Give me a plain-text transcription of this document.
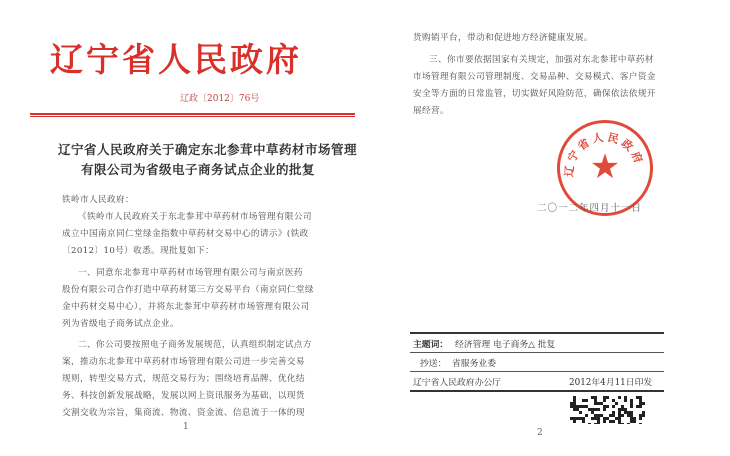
辽宁省人民政府
辽政〔2012〕76号
辽宁省人民政府关于确定东北参茸中草药材市场管理
有限公司为省级电子商务试点企业的批复
铁岭市人民政府：
《铁岭市人民政府关于东北参茸中草药材市场管理有限公司
成立中国南京同仁堂绿金指数中草药材交易中心的请示》(铁政
〔2012〕10号）收悉。现批复如下：
一、同意东北参茸中草药材市场管理有限公司与南京医药
股份有限公司合作打造中草药材第三方交易平台（南京同仁堂绿
金中药材交易中心），并将东北参茸中草药材市场管理有限公司
列为省级电子商务试点企业。
二、你公司要按照电子商务发展规范，认真组织制定试点方
案，推动东北参茸中草药材市场管理有限公司进一步完善交易
规则，转型交易方式，规范交易行为；围绕培育品牌、优化结
务、科技创新发展战略，发展以网上资讯服务为基础，以现货
交割交收为宗旨，集商流、物流、资金流、信息流于一体的现
1
货购销平台，带动和促进地方经济健康发展。
三、你市要依据国家有关规定，加强对东北参茸中草药材
市场管理有限公司管理制度、交易品种、交易模式、客户资金
安全等方面的日常监管，切实做好风险防范，确保依法依规开
展经营。
★
辽宁省人民政府
二〇一二年四月十一日
主题词： 经济管理 电子商务△ 批复
抄送： 省服务业委
辽宁省人民政府办公厅	2012年4月11日印发
2
